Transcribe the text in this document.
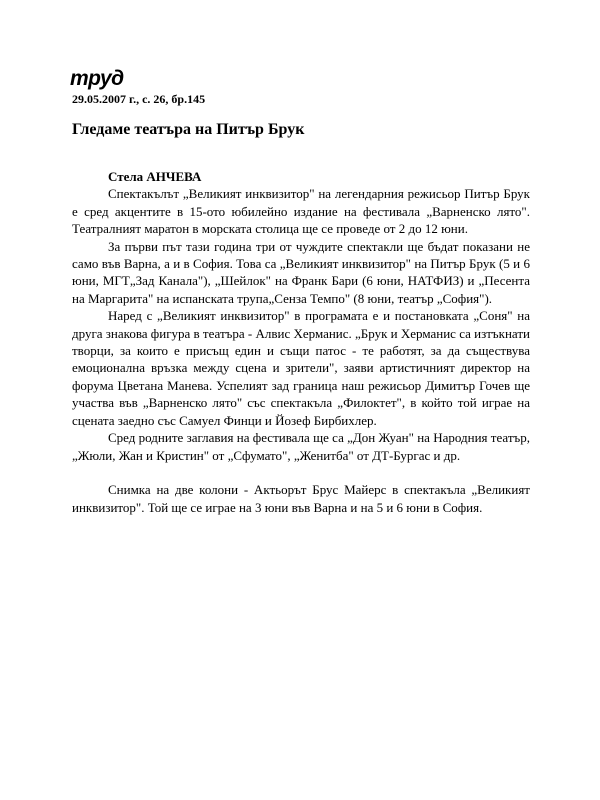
труд
29.05.2007 г., с. 26, бр.145
Гледаме театъра на Питър Брук

Стела АНЧЕВА

Спектакълът „Великият инквизитор" на легендарния режисьор Питър Брук е сред акцентите в 15-ото юбилейно издание на фестивала „Варненско лято". Театралният маратон в морската столица ще се проведе от 2 до 12 юни.

За първи път тази година три от чуждите спектакли ще бъдат показани не само във Варна, а и в София. Това са „Великият инквизитор" на Питър Брук (5 и 6 юни, МГТ„Зад Канала"), „Шейлок" на Франк Бари (6 юни, НАТФИЗ) и „Песента на Маргарита" на испанската трупа„Сенза Темпо" (8 юни, театър „София").

Наред с „Великият инквизитор" в програмата е и постановката „Соня" на друга знакова фигура в театъра - Алвис Херманис. „Брук и Херманис са изтъкнати творци, за които е присъщ един и същи патос - те работят, за да съществува емоционална връзка между сцена и зрители", заяви артистичният директор на форума Цветана Манева. Успелият зад граница наш режисьор Димитър Гочев ще участва във „Варненско лято" със спектакъла „Филоктет", в който той играе на сцената заедно със Самуел Финци и Йозеф Бирбихлер.

Сред родните заглавия на фестивала ще са „Дон Жуан" на Народния театър, „Жюли, Жан и Кристин" от „Сфумато", „Женитба" от ДТ-Бургас и др.

Снимка на две колони - Актьорът Брус Майерс в спектакъла „Великият инквизитор". Той ще се играе на 3 юни във Варна и на 5 и 6 юни в София.
